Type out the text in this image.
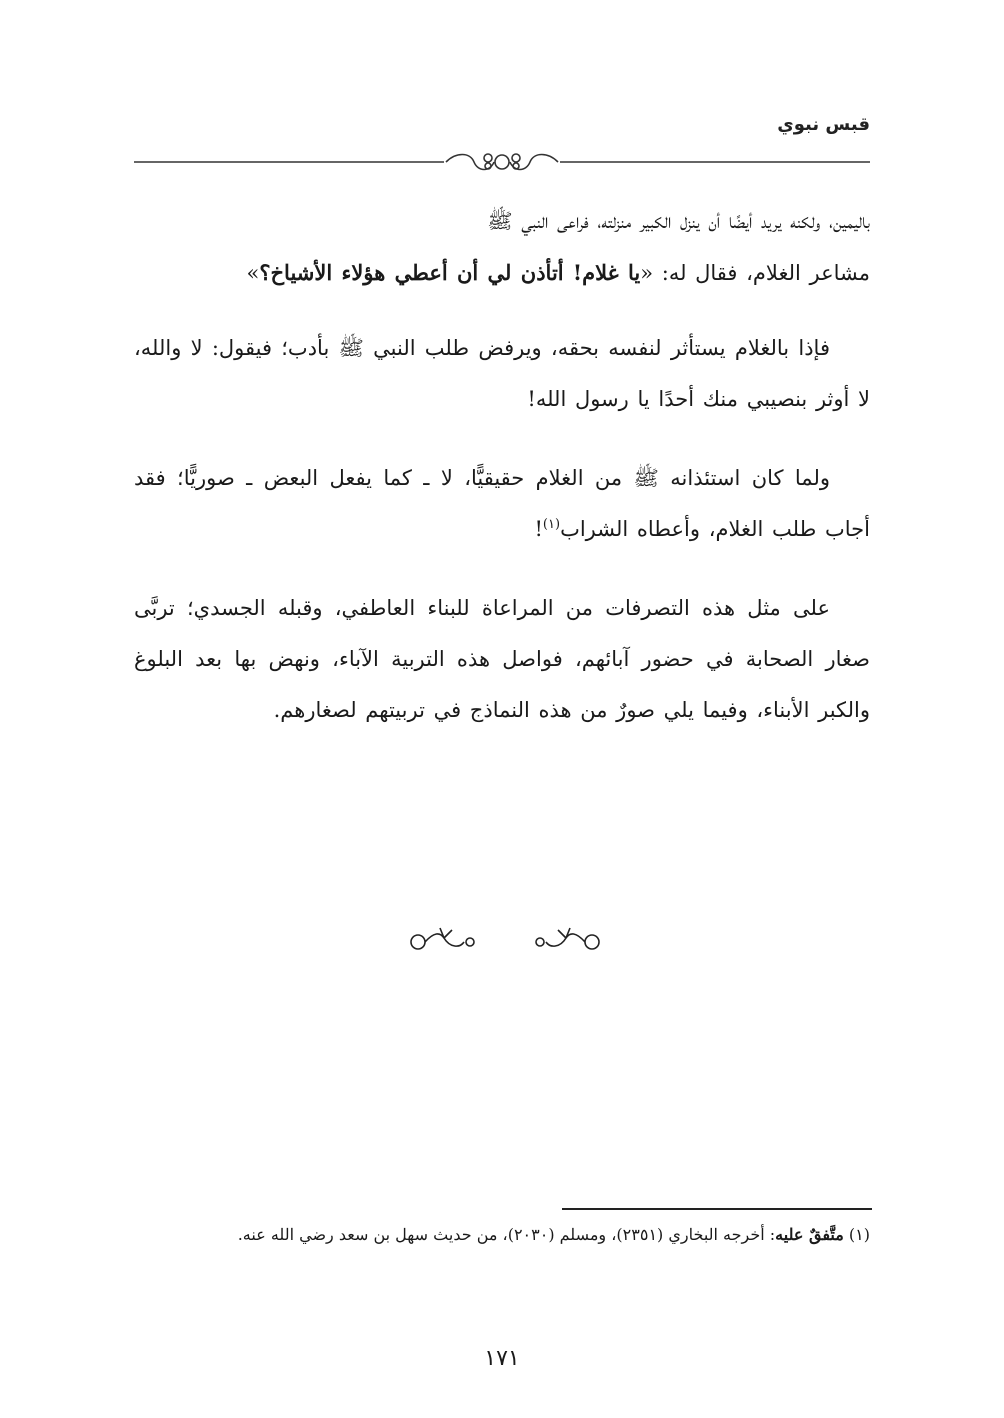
قبس نبوي

باليمين، ولكنه يريد أيضًا أن ينزل الكبير منزلته، فراعى النبي ﷺ
مشاعر الغلام، فقال له: «يا غلام! أتأذن لي أن أعطي هؤلاء الأشياخ؟»

فإذا بالغلام يستأثر لنفسه بحقه، ويرفض طلب النبي ﷺ بأدب؛ فيقول: لا والله، لا أوثر بنصيبي منك أحدًا يا رسول الله!

ولما كان استئذانه ﷺ من الغلام حقيقيًّا، لا ـ كما يفعل البعض ـ صوريًّا؛ فقد أجاب طلب الغلام، وأعطاه الشراب$^{(١)}$!

على مثل هذه التصرفات من المراعاة للبناء العاطفي، وقبله الجسدي؛ تربَّى صغار الصحابة في حضور آبائهم، فواصل هذه التربية الآباء، ونهض بها بعد البلوغ والكبر الأبناء، وفيما يلي صورٌ من هذه النماذج في تربيتهم لصغارهم.

(١) متَّفقٌ عليه: أخرجه البخاري (٢٣٥١)، ومسلم (٢٠٣٠)، من حديث سهل بن سعد رضي الله عنه.
١٧١
